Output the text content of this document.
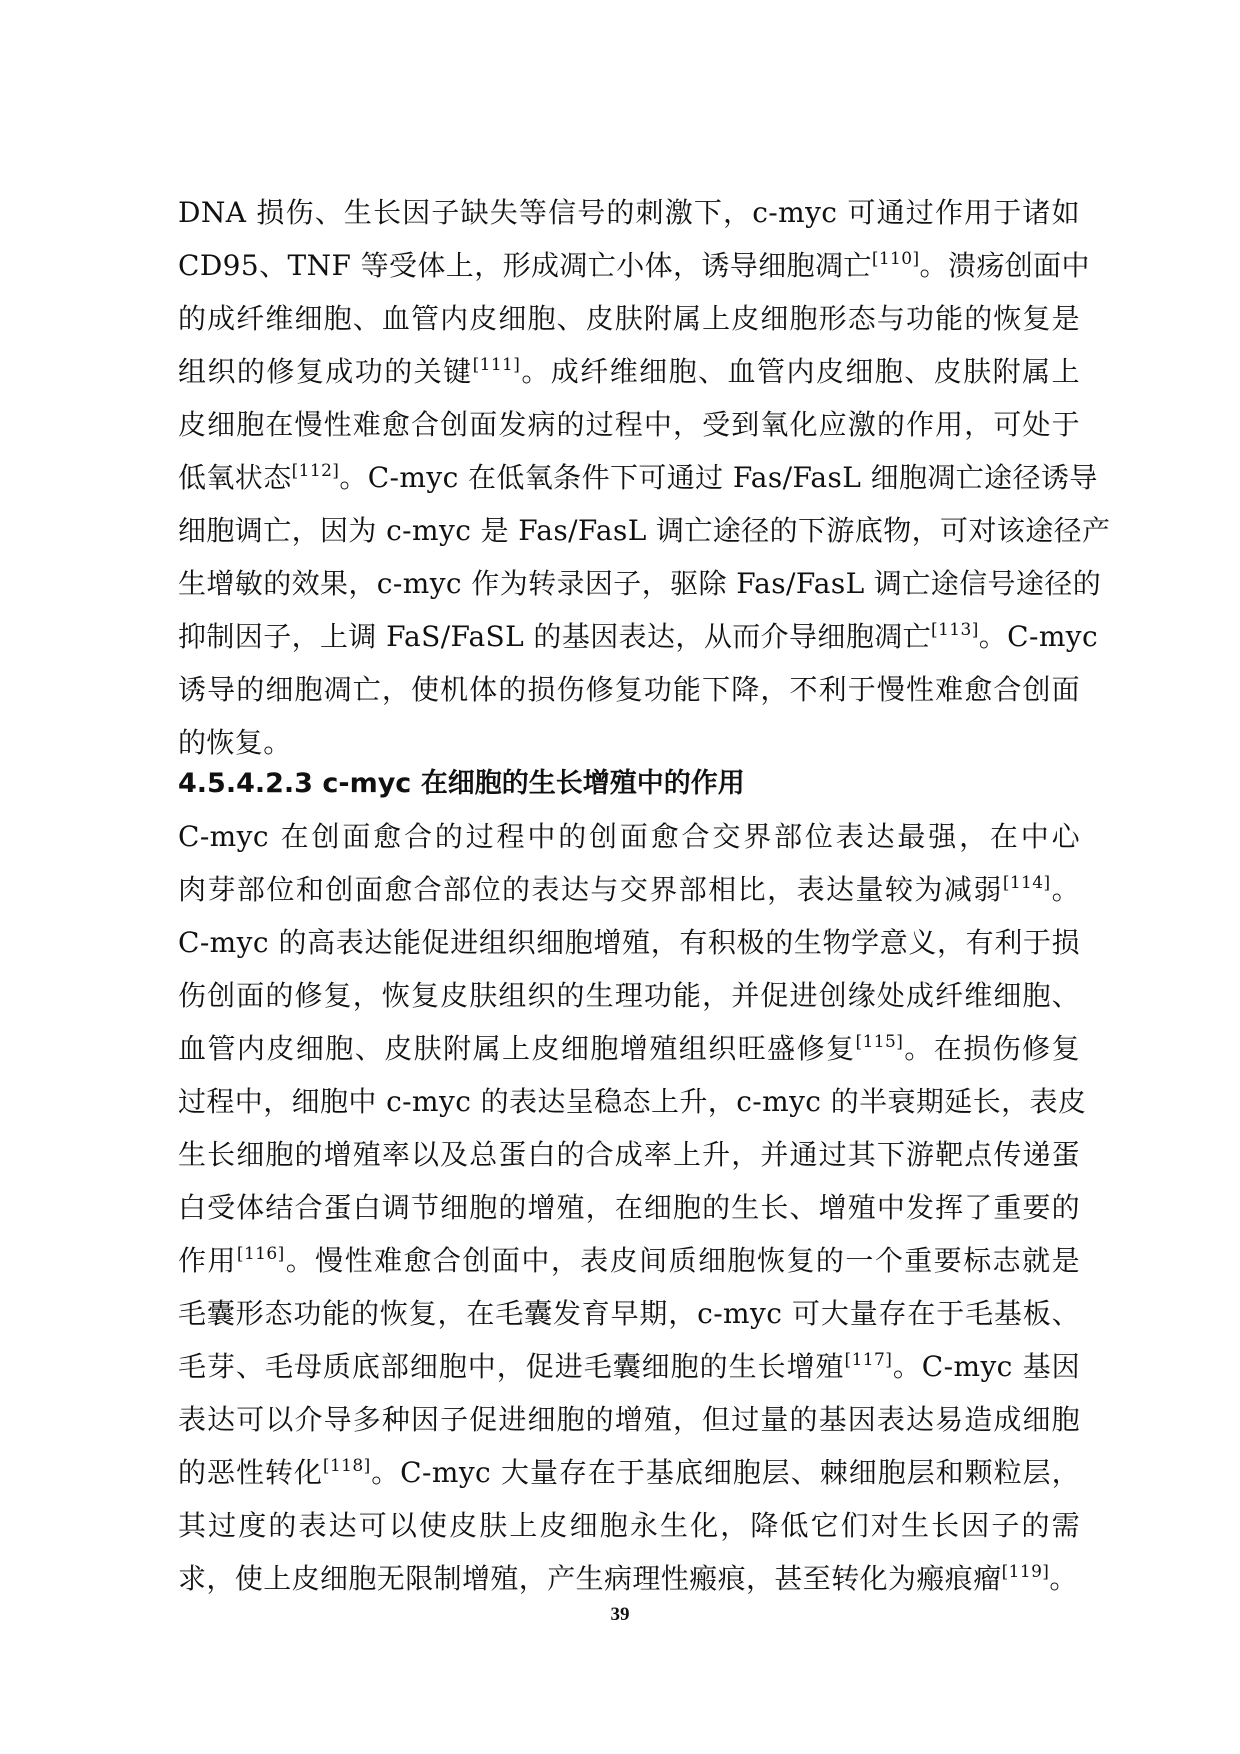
DNA 损伤、生长因子缺失等信号的刺激下，c-myc 可通过作用于诸如
CD95、TNF 等受体上，形成凋亡小体，诱导细胞凋亡[110]。溃疡创面中
的成纤维细胞、血管内皮细胞、皮肤附属上皮细胞形态与功能的恢复是
组织的修复成功的关键[111]。成纤维细胞、血管内皮细胞、皮肤附属上
皮细胞在慢性难愈合创面发病的过程中，受到氧化应激的作用，可处于
低氧状态[112]。C-myc 在低氧条件下可通过 Fas/FasL 细胞凋亡途径诱导
细胞调亡，因为 c-myc 是 Fas/FasL 调亡途径的下游底物，可对该途径产
生增敏的效果，c-myc 作为转录因子，驱除 Fas/FasL 调亡途信号途径的
抑制因子，上调 FaS/FaSL 的基因表达，从而介导细胞凋亡[113]。C-myc
诱导的细胞凋亡，使机体的损伤修复功能下降，不利于慢性难愈合创面
的恢复。
4.5.4.2.3 c-myc 在细胞的生长增殖中的作用
C-myc 在创面愈合的过程中的创面愈合交界部位表达最强，在中心
肉芽部位和创面愈合部位的表达与交界部相比，表达量较为减弱[114]。
C-myc 的高表达能促进组织细胞增殖，有积极的生物学意义，有利于损
伤创面的修复，恢复皮肤组织的生理功能，并促进创缘处成纤维细胞、
血管内皮细胞、皮肤附属上皮细胞增殖组织旺盛修复[115]。在损伤修复
过程中，细胞中 c-myc 的表达呈稳态上升，c-myc 的半衰期延长，表皮
生长细胞的增殖率以及总蛋白的合成率上升，并通过其下游靶点传递蛋
白受体结合蛋白调节细胞的增殖，在细胞的生长、增殖中发挥了重要的
作用[116]。慢性难愈合创面中，表皮间质细胞恢复的一个重要标志就是
毛囊形态功能的恢复，在毛囊发育早期，c-myc 可大量存在于毛基板、
毛芽、毛母质底部细胞中，促进毛囊细胞的生长增殖[117]。C-myc 基因
表达可以介导多种因子促进细胞的增殖，但过量的基因表达易造成细胞
的恶性转化[118]。C-myc 大量存在于基底细胞层、棘细胞层和颗粒层，
其过度的表达可以使皮肤上皮细胞永生化，降低它们对生长因子的需
求，使上皮细胞无限制增殖，产生病理性瘢痕，甚至转化为瘢痕瘤[119]。
39
